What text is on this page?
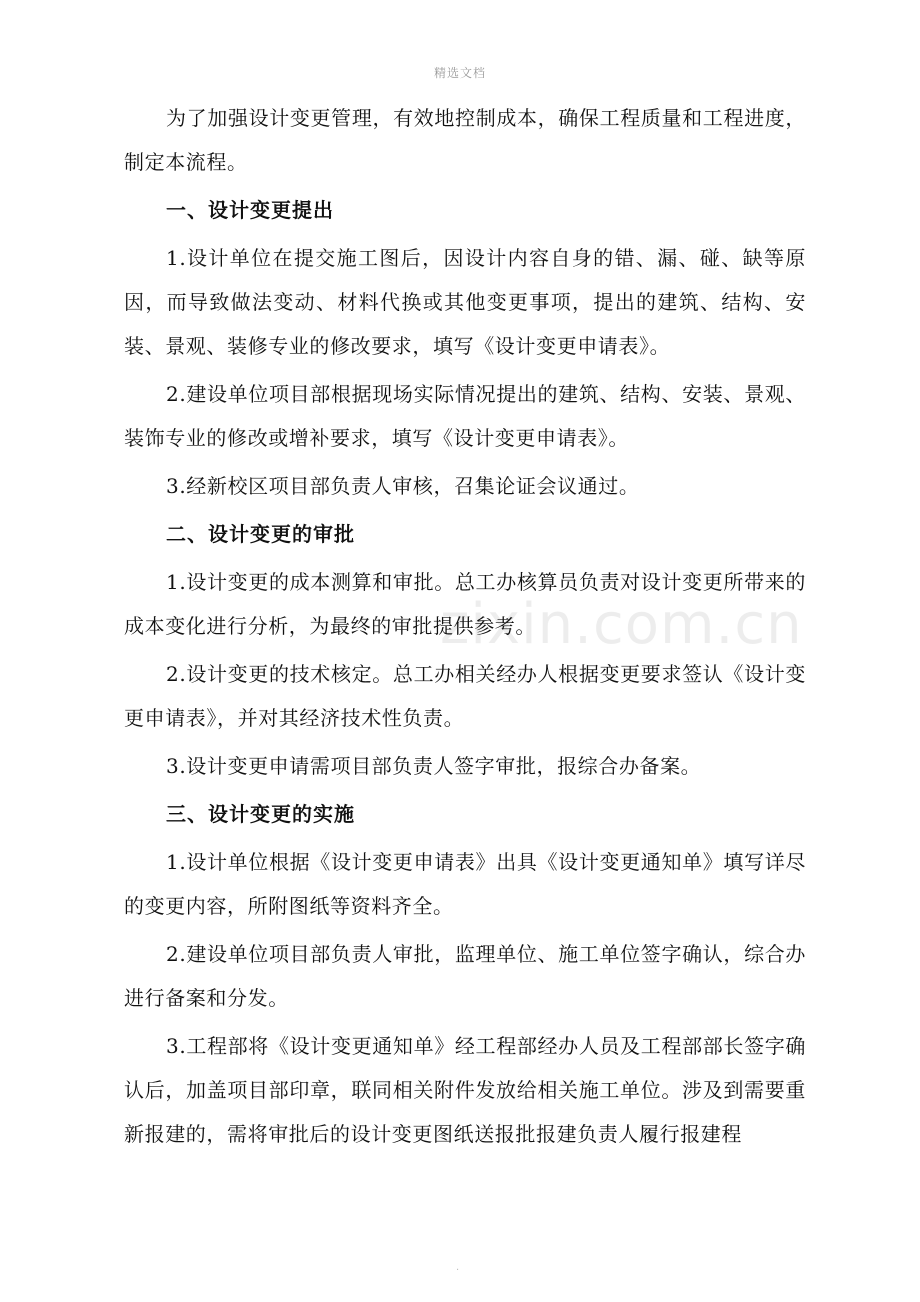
精选文档
zixin.com.cn

为了加强设计变更管理，有效地控制成本，确保工程质量和工程进度，制定本流程。

一、设计变更提出

1.设计单位在提交施工图后，因设计内容自身的错、漏、碰、缺等原因，而导致做法变动、材料代换或其他变更事项，提出的建筑、结构、安装、景观、装修专业的修改要求，填写《设计变更申请表》。

2.建设单位项目部根据现场实际情况提出的建筑、结构、安装、景观、装饰专业的修改或增补要求，填写《设计变更申请表》。

3.经新校区项目部负责人审核，召集论证会议通过。

二、设计变更的审批

1.设计变更的成本测算和审批。总工办核算员负责对设计变更所带来的成本变化进行分析，为最终的审批提供参考。

2.设计变更的技术核定。总工办相关经办人根据变更要求签认《设计变更申请表》，并对其经济技术性负责。

3.设计变更申请需项目部负责人签字审批，报综合办备案。

三、设计变更的实施

1.设计单位根据《设计变更申请表》出具《设计变更通知单》填写详尽的变更内容，所附图纸等资料齐全。

2.建设单位项目部负责人审批，监理单位、施工单位签字确认，综合办进行备案和分发。

3.工程部将《设计变更通知单》经工程部经办人员及工程部部长签字确认后，加盖项目部印章，联同相关附件发放给相关施工单位。涉及到需要重新报建的，需将审批后的设计变更图纸送报批报建负责人履行报建程

.
